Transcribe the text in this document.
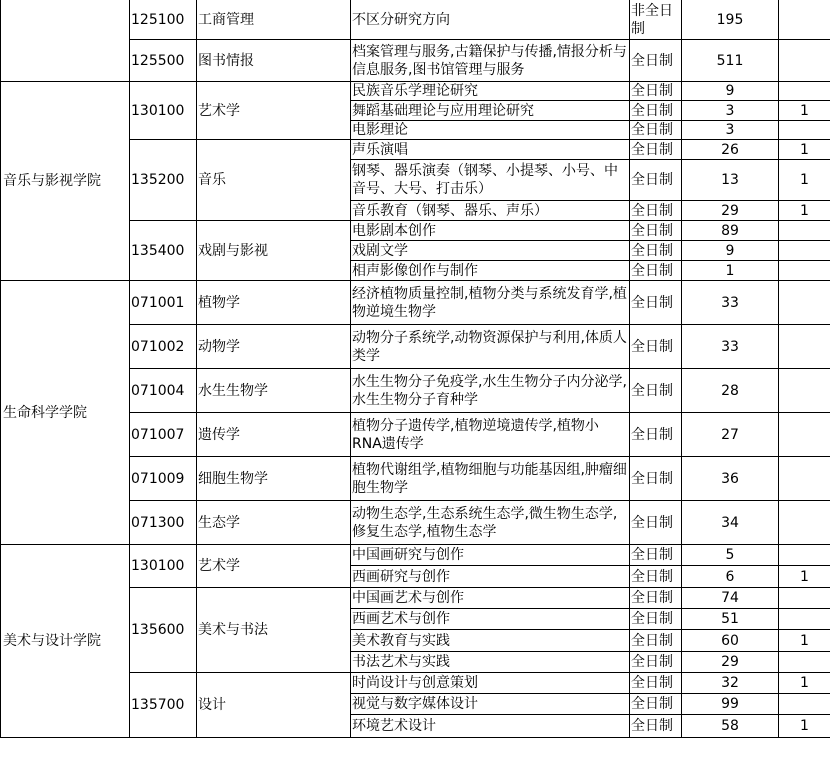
	125100	工商管理	不区分研究方向	非全日制	195	
	125500	图书情报	档案管理与服务,古籍保护与传播,情报分析与信息服务,图书馆管理与服务	全日制	511	
音乐与影视学院	130100	艺术学	民族音乐学理论研究	全日制	9	
			舞蹈基础理论与应用理论研究	全日制	3	1
			电影理论	全日制	3	
	135200	音乐	声乐演唱	全日制	26	1
			钢琴、器乐演奏（钢琴、小提琴、小号、中音号、大号、打击乐）	全日制	13	1
			音乐教育（钢琴、器乐、声乐）	全日制	29	1
	135400	戏剧与影视	电影剧本创作	全日制	89	
			戏剧文学	全日制	9	
			相声影像创作与制作	全日制	1	
生命科学学院	071001	植物学	经济植物质量控制,植物分类与系统发育学,植物逆境生物学	全日制	33	
	071002	动物学	动物分子系统学,动物资源保护与利用,体质人类学	全日制	33	
	071004	水生生物学	水生生物分子免疫学,水生生物分子内分泌学,水生生物分子育种学	全日制	28	
	071007	遗传学	植物分子遗传学,植物逆境遗传学,植物小RNA遗传学	全日制	27	
	071009	细胞生物学	植物代谢组学,植物细胞与功能基因组,肿瘤细胞生物学	全日制	36	
	071300	生态学	动物生态学,生态系统生态学,微生物生态学,修复生态学,植物生态学	全日制	34	
美术与设计学院	130100	艺术学	中国画研究与创作	全日制	5	
			西画研究与创作	全日制	6	1
	135600	美术与书法	中国画艺术与创作	全日制	74	
			西画艺术与创作	全日制	51	
			美术教育与实践	全日制	60	1
			书法艺术与实践	全日制	29	
	135700	设计	时尚设计与创意策划	全日制	32	1
			视觉与数字媒体设计	全日制	99	
			环境艺术设计	全日制	58	1
